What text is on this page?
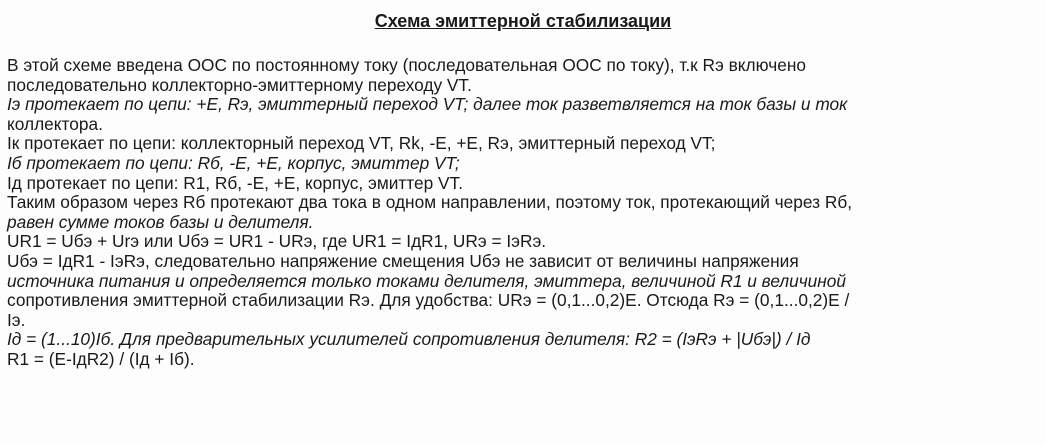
Схема эмиттерной стабилизации
В этой схеме введена ООС по постоянному току (последовательная ООС по току), т.к Rэ включено
последовательно коллекторно-эмиттерному переходу VT.
Iэ протекает по цепи: +E, Rэ, эмиттерный переход VT; далее ток разветвляется на ток базы и ток
коллектора.
Iк протекает по цепи: коллекторный переход VT, Rk, -E, +E, Rэ, эмиттерный переход VT;
Iб протекает по цепи: Rб, -E, +E, корпус, эмиттер VT;
Iд протекает по цепи: R1, Rб, -E, +E, корпус, эмиттер VT.
Таким образом через Rб протекают два тока в одном направлении, поэтому ток, протекающий через Rб,
равен сумме токов базы и делителя.
UR1 = Uбэ + Urэ или Uбэ = UR1 - URэ, где UR1 = IдR1, URэ = IэRэ.
Uбэ = IдR1 - IэRэ, следовательно напряжение смещения Uбэ не зависит от величины напряжения
источника питания и определяется только токами делителя, эмиттера, величиной R1 и величиной
сопротивления эмиттерной стабилизации Rэ. Для удобства: URэ = (0,1...0,2)E. Отсюда Rэ = (0,1...0,2)E /
Iэ.
Iд = (1...10)Iб. Для предварительных усилителей сопротивления делителя: R2 = (IэRэ + |Uбэ|) / Iд
R1 = (E-IдR2) / (Iд + Iб).
